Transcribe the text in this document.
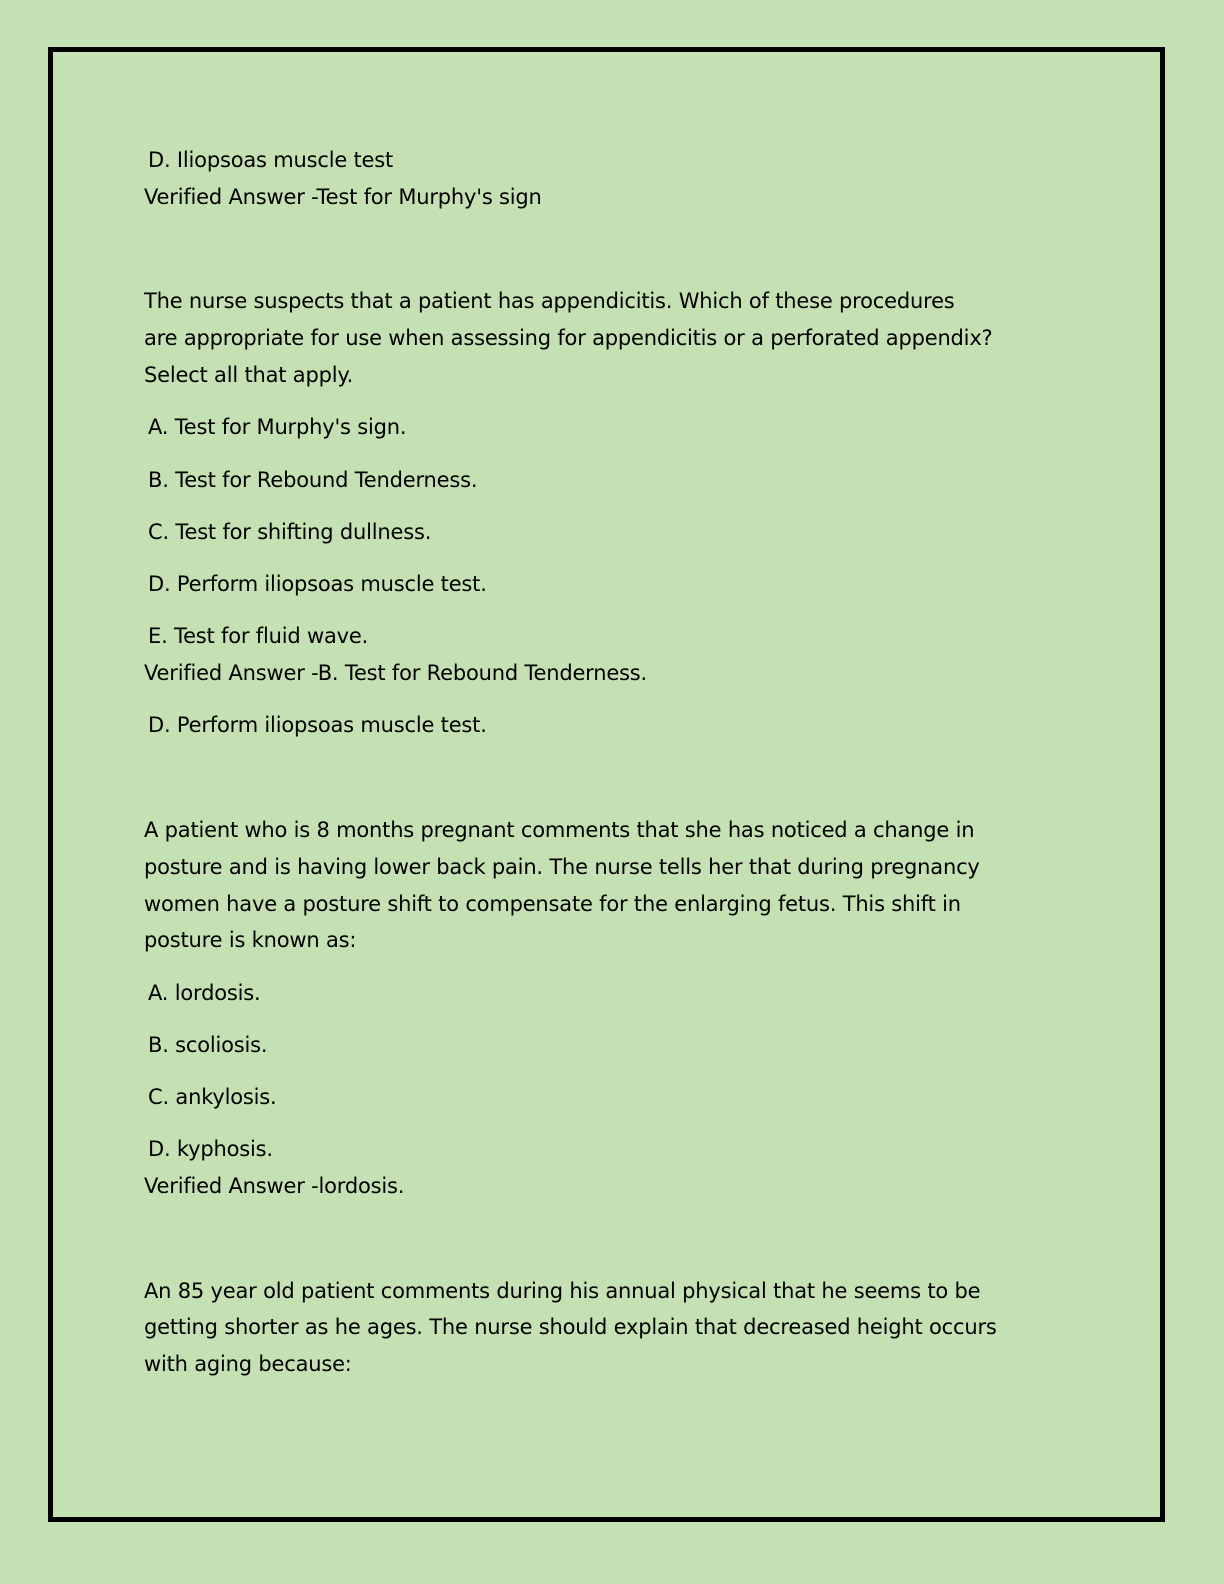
D. Iliopsoas muscle test
Verified Answer -Test for Murphy's sign
The nurse suspects that a patient has appendicitis. Which of these procedures
are appropriate for use when assessing for appendicitis or a perforated appendix?
Select all that apply.
A. Test for Murphy's sign.
B. Test for Rebound Tenderness.
C. Test for shifting dullness.
D. Perform iliopsoas muscle test.
E. Test for fluid wave.
Verified Answer -B. Test for Rebound Tenderness.
D. Perform iliopsoas muscle test.
A patient who is 8 months pregnant comments that she has noticed a change in
posture and is having lower back pain. The nurse tells her that during pregnancy
women have a posture shift to compensate for the enlarging fetus. This shift in
posture is known as:
A. lordosis.
B. scoliosis.
C. ankylosis.
D. kyphosis.
Verified Answer -lordosis.
An 85 year old patient comments during his annual physical that he seems to be
getting shorter as he ages. The nurse should explain that decreased height occurs
with aging because:
